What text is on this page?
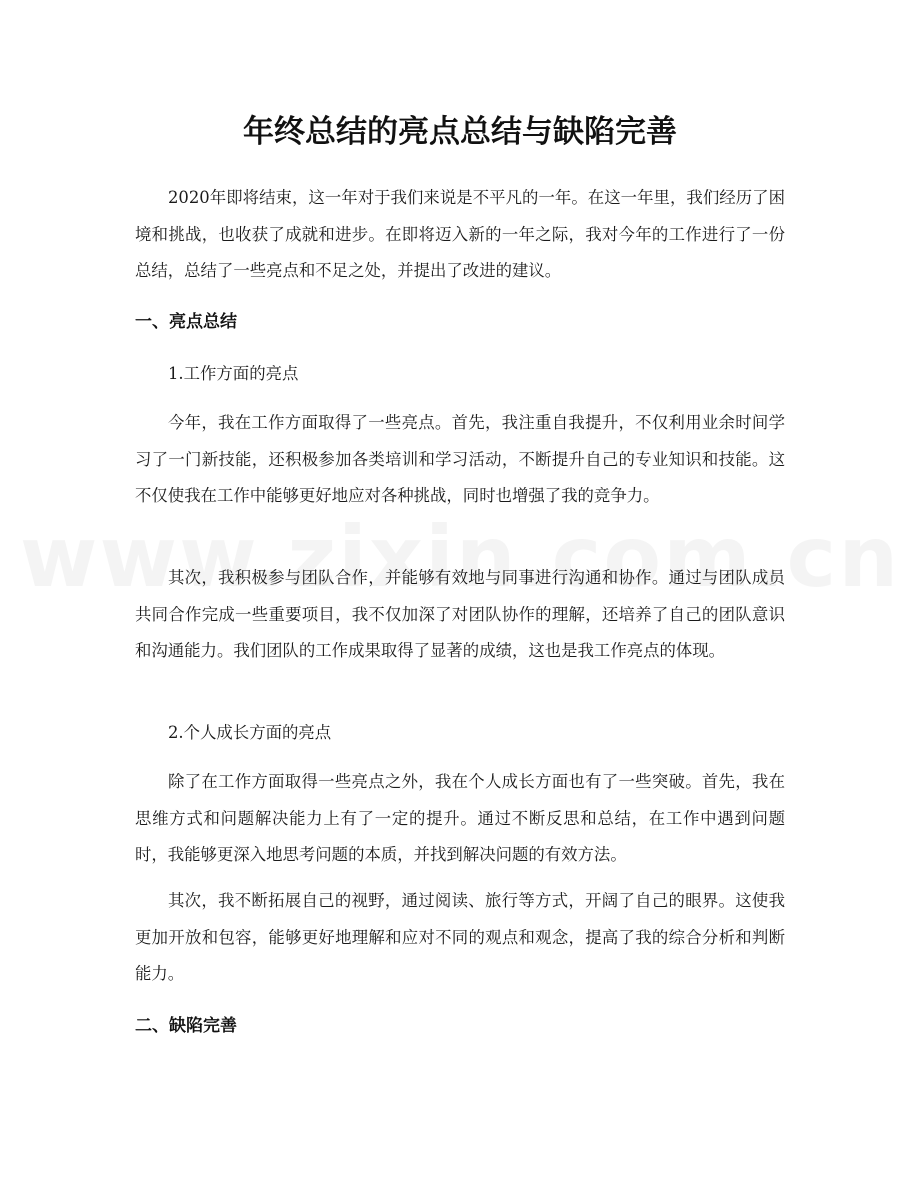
年终总结的亮点总结与缺陷完善

2020年即将结束，这一年对于我们来说是不平凡的一年。在这一年里，我们经历了困境和挑战，也收获了成就和进步。在即将迈入新的一年之际，我对今年的工作进行了一份总结，总结了一些亮点和不足之处，并提出了改进的建议。

一、亮点总结

1.工作方面的亮点

今年，我在工作方面取得了一些亮点。首先，我注重自我提升，不仅利用业余时间学习了一门新技能，还积极参加各类培训和学习活动，不断提升自己的专业知识和技能。这不仅使我在工作中能够更好地应对各种挑战，同时也增强了我的竞争力。

其次，我积极参与团队合作，并能够有效地与同事进行沟通和协作。通过与团队成员共同合作完成一些重要项目，我不仅加深了对团队协作的理解，还培养了自己的团队意识和沟通能力。我们团队的工作成果取得了显著的成绩，这也是我工作亮点的体现。

2.个人成长方面的亮点

除了在工作方面取得一些亮点之外，我在个人成长方面也有了一些突破。首先，我在思维方式和问题解决能力上有了一定的提升。通过不断反思和总结，在工作中遇到问题时，我能够更深入地思考问题的本质，并找到解决问题的有效方法。

其次，我不断拓展自己的视野，通过阅读、旅行等方式，开阔了自己的眼界。这使我更加开放和包容，能够更好地理解和应对不同的观点和观念，提高了我的综合分析和判断能力。

二、缺陷完善
